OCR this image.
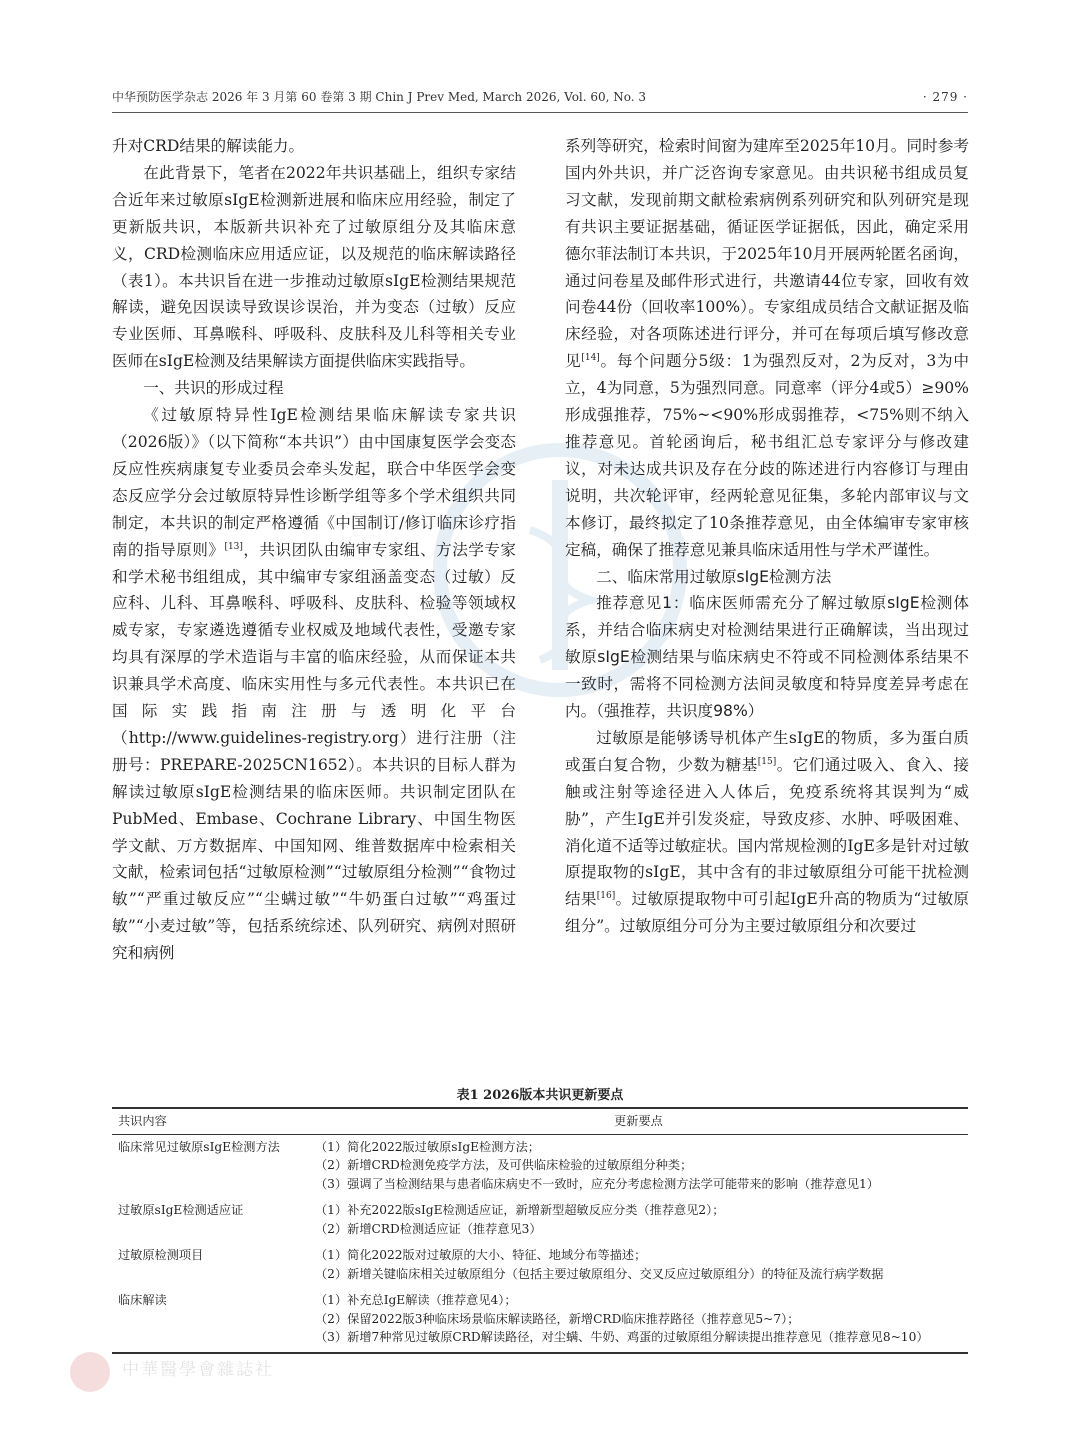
中华预防医学杂志 2026 年 3 月第 60 卷第 3 期 Chin J Prev Med, March 2026, Vol. 60, No. 3	· 279 ·

升对CRD结果的解读能力。

在此背景下，笔者在2022年共识基础上，组织专家结合近年来过敏原sIgE检测新进展和临床应用经验，制定了更新版共识，本版新共识补充了过敏原组分及其临床意义，CRD检测临床应用适应证，以及规范的临床解读路径（表1）。本共识旨在进一步推动过敏原sIgE检测结果规范解读，避免因误读导致误诊误治，并为变态（过敏）反应专业医师、耳鼻喉科、呼吸科、皮肤科及儿科等相关专业医师在sIgE检测及结果解读方面提供临床实践指导。

一、共识的形成过程

《过敏原特异性IgE检测结果临床解读专家共识（2026版）》（以下简称“本共识”）由中国康复医学会变态反应性疾病康复专业委员会牵头发起，联合中华医学会变态反应学分会过敏原特异性诊断学组等多个学术组织共同制定，本共识的制定严格遵循《中国制订/修订临床诊疗指南的指导原则》[13]，共识团队由编审专家组、方法学专家和学术秘书组组成，其中编审专家组涵盖变态（过敏）反应科、儿科、耳鼻喉科、呼吸科、皮肤科、检验等领域权威专家，专家遴选遵循专业权威及地域代表性，受邀专家均具有深厚的学术造诣与丰富的临床经验，从而保证本共识兼具学术高度、临床实用性与多元代表性。本共识已在国际实践指南注册与透明化平台（http://www.guidelines-registry.org）进行注册（注册号：PREPARE-2025CN1652）。本共识的目标人群为解读过敏原sIgE检测结果的临床医师。共识制定团队在PubMed、Embase、Cochrane Library、中国生物医学文献、万方数据库、中国知网、维普数据库中检索相关文献，检索词包括“过敏原检测”“过敏原组分检测”“食物过敏”“严重过敏反应”“尘螨过敏”“牛奶蛋白过敏”“鸡蛋过敏”“小麦过敏”等，包括系统综述、队列研究、病例对照研究和病例

系列等研究，检索时间窗为建库至2025年10月。同时参考国内外共识，并广泛咨询专家意见。由共识秘书组成员复习文献，发现前期文献检索病例系列研究和队列研究是现有共识主要证据基础，循证医学证据低，因此，确定采用德尔菲法制订本共识，于2025年10月开展两轮匿名函询，通过问卷星及邮件形式进行，共邀请44位专家，回收有效问卷44份（回收率100%）。专家组成员结合文献证据及临床经验，对各项陈述进行评分，并可在每项后填写修改意见[14]。每个问题分5级：1为强烈反对，2为反对，3为中立，4为同意，5为强烈同意。同意率（评分4或5）≥90%形成强推荐，75%~<90%形成弱推荐，<75%则不纳入推荐意见。首轮函询后，秘书组汇总专家评分与修改建议，对未达成共识及存在分歧的陈述进行内容修订与理由说明，共次轮评审，经两轮意见征集，多轮内部审议与文本修订，最终拟定了10条推荐意见，由全体编审专家审核定稿，确保了推荐意见兼具临床适用性与学术严谨性。

二、临床常用过敏原sIgE检测方法

推荐意见1：临床医师需充分了解过敏原sIgE检测体系，并结合临床病史对检测结果进行正确解读，当出现过敏原sIgE检测结果与临床病史不符或不同检测体系结果不一致时，需将不同检测方法间灵敏度和特异度差异考虑在内。（强推荐，共识度98%）

过敏原是能够诱导机体产生sIgE的物质，多为蛋白质或蛋白复合物，少数为糖基[15]。它们通过吸入、食入、接触或注射等途径进入人体后，免疫系统将其误判为“威胁”，产生IgE并引发炎症，导致皮疹、水肿、呼吸困难、消化道不适等过敏症状。国内常规检测的IgE多是针对过敏原提取物的sIgE，其中含有的非过敏原组分可能干扰检测结果[16]。过敏原提取物中可引起IgE升高的物质为“过敏原组分”。过敏原组分可分为主要过敏原组分和次要过

表1 2026版本共识更新要点
共识内容	更新要点
临床常见过敏原sIgE检测方法	（1）简化2022版过敏原sIgE检测方法；
（2）新增CRD检测免疫学方法，及可供临床检验的过敏原组分种类；
（3）强调了当检测结果与患者临床病史不一致时，应充分考虑检测方法学可能带来的影响（推荐意见1）

过敏原sIgE检测适应证	（1）补充2022版sIgE检测适应证，新增新型超敏反应分类（推荐意见2）；
（2）新增CRD检测适应证（推荐意见3）

过敏原检测项目	（1）简化2022版对过敏原的大小、特征、地域分布等描述；
（2）新增关键临床相关过敏原组分（包括主要过敏原组分、交叉反应过敏原组分）的特征及流行病学数据

临床解读	（1）补充总IgE解读（推荐意见4）；
（2）保留2022版3种临床场景临床解读路径，新增CRD临床推荐路径（推荐意见5~7）；
（3）新增7种常见过敏原CRD解读路径，对尘螨、牛奶、鸡蛋的过敏原组分解读提出推荐意见（推荐意见8~10）
中華醫學會雜誌社
